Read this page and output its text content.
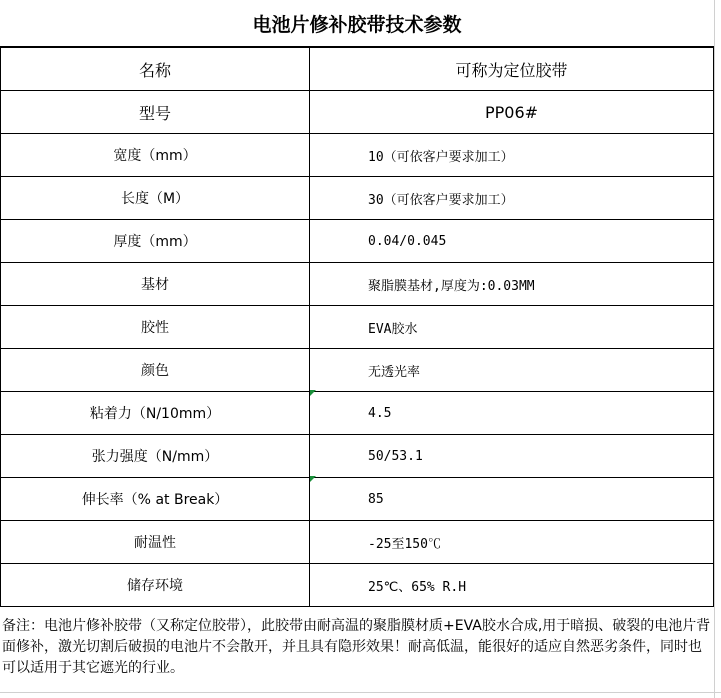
电池片修补胶带技术参数
名称	可称为定位胶带
型号	PP06#
宽度（mm）	10（可依客户要求加工）
长度（M）	30（可依客户要求加工）
厚度（mm）	0.04/0.045
基材	聚脂膜基材,厚度为:0.03MM
胶性	EVA胶水
颜色	无透光率
粘着力（N/10mm）	4.5
张力强度（N/mm）	50/53.1
伸长率（% at Break）	85
耐温性	-25至150℃
储存环境	25℃、65% R.H
备注：电池片修补胶带（又称定位胶带），此胶带由耐高温的聚脂膜材质+EVA胶水合成,用于暗损、破裂的电池片背面修补，激光切割后破损的电池片不会散开，并且具有隐形效果！耐高低温，能很好的适应自然恶劣条件，同时也可以适用于其它遮光的行业。
